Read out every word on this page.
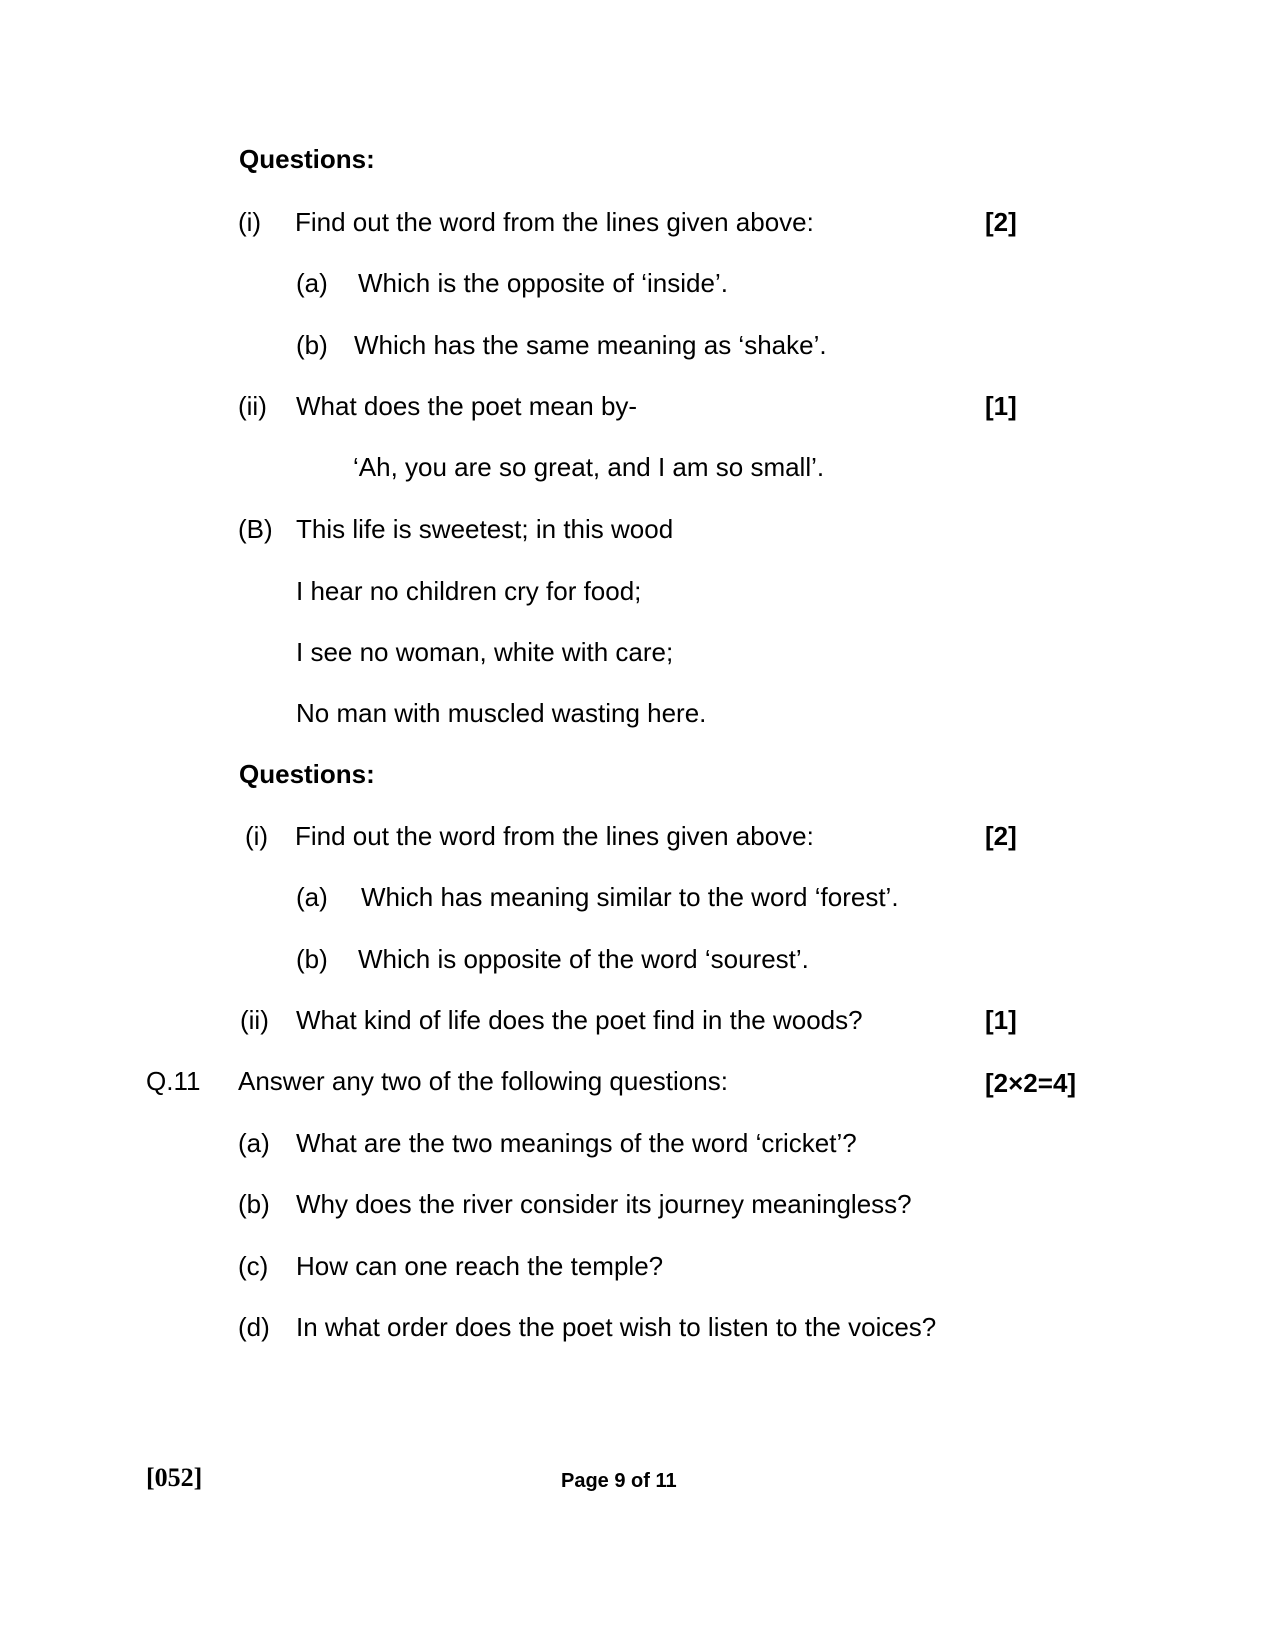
Questions:
(i) Find out the word from the lines given above:	[2]
(a) Which is the opposite of ‘inside’.
(b) Which has the same meaning as ‘shake’.
(ii) What does the poet mean by-	[1]
‘Ah, you are so great, and I am so small’.
(B) This life is sweetest; in this wood
I hear no children cry for food;
I see no woman, white with care;
No man with muscled wasting here.
Questions:
(i) Find out the word from the lines given above:	[2]
(a) Which has meaning similar to the word ‘forest’.
(b) Which is opposite of the word ‘sourest’.
(ii) What kind of life does the poet find in the woods?	[1]
Q.11 Answer any two of the following questions:	[2×2=4]
(a) What are the two meanings of the word ‘cricket’?
(b) Why does the river consider its journey meaningless?
(c) How can one reach the temple?
(d) In what order does the poet wish to listen to the voices?
[052]	Page 9 of 11
